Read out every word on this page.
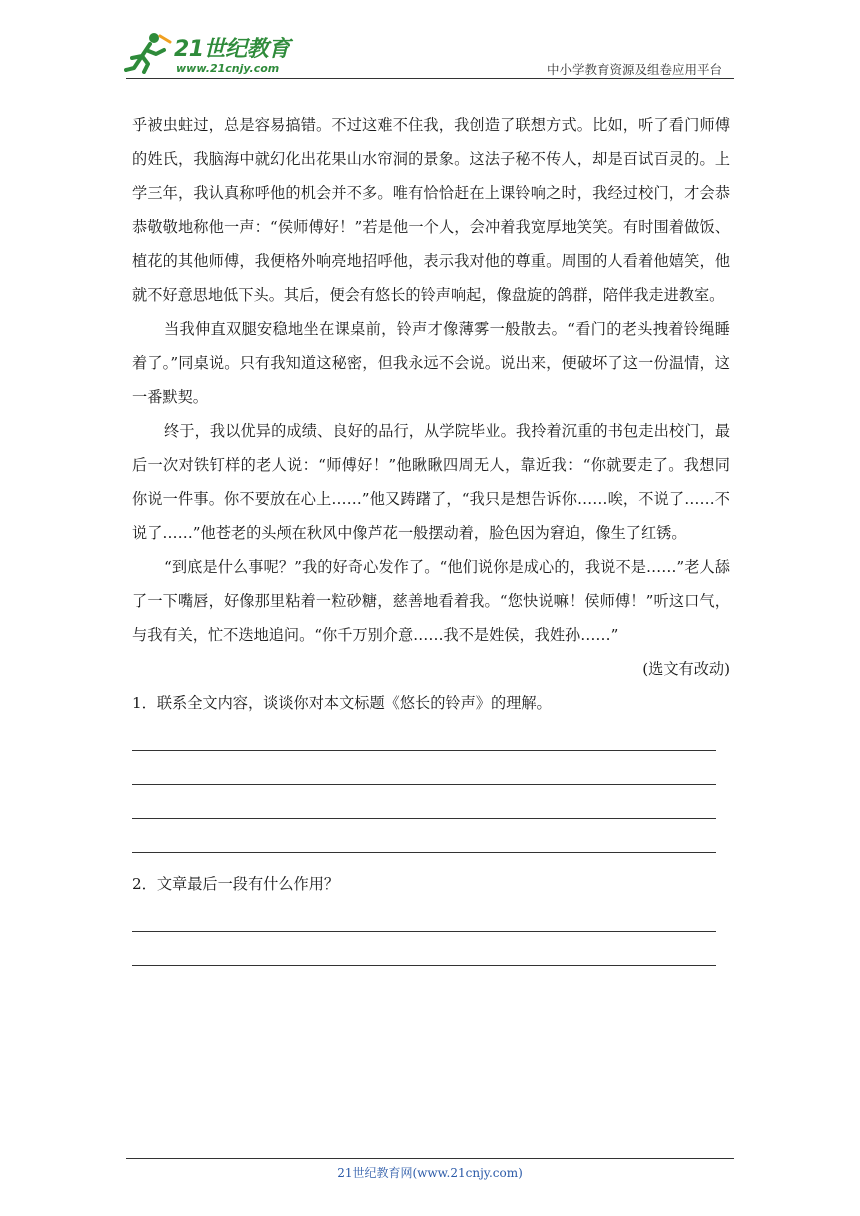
21世纪教育
www.21cnjy.com	中小学教育资源及组卷应用平台

乎被虫蛀过，总是容易搞错。不过这难不住我，我创造了联想方式。比如，听了看门师傅的姓氏，我脑海中就幻化出花果山水帘洞的景象。这法子秘不传人，却是百试百灵的。上学三年，我认真称呼他的机会并不多。唯有恰恰赶在上课铃响之时，我经过校门，才会恭恭敬敬地称他一声：“侯师傅好！”若是他一个人，会冲着我宽厚地笑笑。有时围着做饭、植花的其他师傅，我便格外响亮地招呼他，表示我对他的尊重。周围的人看着他嬉笑，他就不好意思地低下头。其后，便会有悠长的铃声响起，像盘旋的鸽群，陪伴我走进教室。

当我伸直双腿安稳地坐在课桌前，铃声才像薄雾一般散去。“看门的老头拽着铃绳睡着了。”同桌说。只有我知道这秘密，但我永远不会说。说出来，便破坏了这一份温情，这一番默契。

终于，我以优异的成绩、良好的品行，从学院毕业。我拎着沉重的书包走出校门，最后一次对铁钉样的老人说：“师傅好！”他瞅瞅四周无人，靠近我：“你就要走了。我想同你说一件事。你不要放在心上……”他又踌躇了，“我只是想告诉你……唉，不说了……不说了……”他苍老的头颅在秋风中像芦花一般摆动着，脸色因为窘迫，像生了红锈。

“到底是什么事呢？”我的好奇心发作了。“他们说你是成心的，我说不是……”老人舔了一下嘴唇，好像那里粘着一粒砂糖，慈善地看着我。“您快说嘛！侯师傅！”听这口气，与我有关，忙不迭地追问。“你千万别介意……我不是姓侯，我姓孙……”

(选文有改动)

1．联系全文内容，谈谈你对本文标题《悠长的铃声》的理解。

2．文章最后一段有什么作用？

21世纪教育网(www.21cnjy.com)
